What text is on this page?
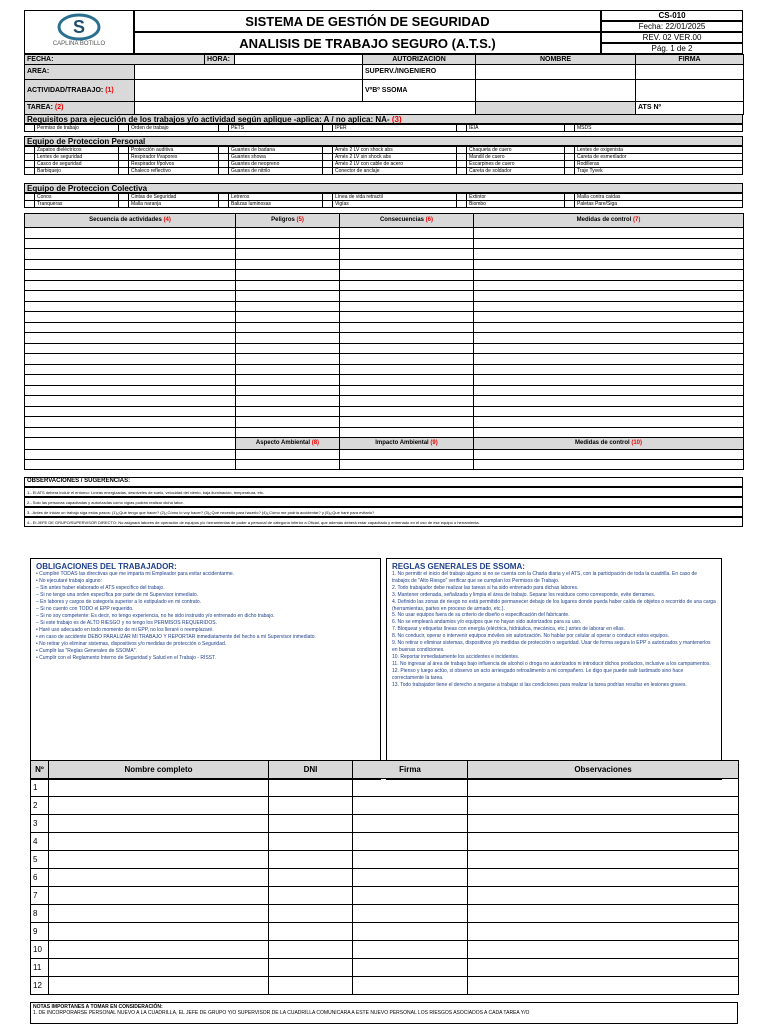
S
CAPLINA BOTILLO
SISTEMA DE GESTIÓN DE SEGURIDAD
ANALISIS DE TRABAJO SEGURO (A.T.S.)
CS-010
Fecha: 22/01/2025
REV. 02 VER.00
Pág. 1 de 2
FECHA:		HORA:		AUTORIZACIÓN	NOMBRE	FIRMA
AREA:				SUPERV./INGENIERO		
ACTIVIDAD/TRABAJO: (1)				VºBº SSOMA		
TAREA: (2)						ATS Nº
Requisitos para ejecución de los trabajos y/o actividad según aplique -aplica: A / no aplica: NA- (3)
	Permiso de trabajo		Orden de trabajo		PETS		IPER		IEIA		MSDS
Equipo de Proteccion Personal
	Zapatos dieléctricos		Protección auditiva		Guantes de badana		Arnés 2 LV con shock abs		Chaqueta de cuero		Lentes de oxigenista
	Lentes de seguridad		Respirador f/vapores		Guantes showa		Arnés 2 LV sin shock abs		Mandil de cuero		Careta de esmerilador
	Casco de seguridad		Respirador f/polvos		Guantes de neopreno		Arnés 2 LV con cable de acero		Escarpines de cuero		Rodilleras
	Barbiquejo		Chaleco reflectivo		Guantes de nitrilo		Conector de anclaje		Careta de soldador		Traje Tyvek
Equipo de Proteccion Colectiva
	Conos		Cintas de Seguridad		Letreros		Línea de vida retractil		Extintor		Malla contra caídas
	Tranqueras		Malla naranja		Balizas luminosas		Vigías		Biombo		Paletas Pare/Siga
Secuencia de actividades (4)	Peligros (5)	Consecuencias (6)	Medidas de control (7)

	Aspecto Ambiental (8)	Impacto Ambiental (9)	Medidas de control (10)

OBSERVACIONES / SUGERENCIAS:
1.- El ATS deberá incluir el entorno: Líneas energizadas, desniveles de suelo, velocidad del viento, baja iluminación, temperatura, etc.
2.- Solo las personas capacitadas y autorizadas como vigías podrán realizar dicha labor.
3.- Antes de iniciar un trabajo siga estos pasos: (1)¿Qué tengo que hacer? (2)¿Cómo lo voy hacer? (3)¿Qué necesito para hacerlo? (4)¿Cómo me podría accidentar? y (5)¿Que haré para evitarlo?
4.- El JEFE DE GRUPO/SUPERVISOR DIRECTO: No asignará labores de operación de equipos y/o herramientas de poder a personal de categoría inferior a Oficial, que además deberá estar capacitado y entrenado en el uso de ese equipo o herramienta.
OBLIGACIONES DEL TRABAJADOR:
• Cumpliré TODAS las directivas que me imparta mi Empleador para evitar accidentarme.
• No ejecutaré trabajo alguno:
– Sin antes haber elaborado el ATS específico del trabajo.
– Si no tengo una orden específica por parte de mi Supervisor inmediato.
– En labores y cargos de categoría superior a lo estipulado en mi contrato.
– Si no cuento con TODO el EPP requerido.
– Si no soy competente: Es decir, no tengo experiencia, no he sido instruido y/o entrenado en dicho trabajo.
– Si este trabajo es de ALTO RIESGO y no tengo los PERMISOS REQUERIDOS.
• Haré uso adecuado en todo momento de mi EPP, no los lleraré o reemplazaré.
• en caso de accidente DEBO PARALIZAR MI TRABAJO Y REPORTAR inmediatamente del hecho a mi Supervisor inmediato.
• No retirar y/o eliminar sistemas, dispositivos y/o medidas de protección o Seguridad.
• Cumplir las "Reglas Generales de SSOMA".
• Cumplir con el Reglamento Interno de Seguridad y Salud en el Trabajo - RISST.
REGLAS GENERALES DE SSOMA:
1. No permitir el inicio del trabajo alguno si no se cuenta con la Charla diaria y el ATS, con la participación de toda la cuadrilla. En caso de trabajos de "Alto Riesgo" verificar que se cumplan los Permisos de Trabajo.
2. Todo trabajador debe realizar las tareas si ha sido entrenado para dichas labores.
3. Mantener ordenada, señalizada y limpia el área de trabajo. Separar los residuos como corresponde, evite derrames.
4. Definido las zonas de riesgo no está permitido permanecer debajo de los lugares donde pueda haber caída de objetos o recorrido de una carga (herramientas, partes en proceso de armado, etc.).
5. No usar equipos fuera de su criterio de diseño o especificación del fabricante.
6. No se emplearà andamios y/o equipos que no hayan sido autorizados para su uso.
7. Bloquear y etiquetar líneas con energía (eléctrica, hidráulica, mecánica, etc.) antes de laborar en ellas.
8. No conducir, operar o intervenir equipos móviles sin autorización. No hablar por celular al operar o conducir estos equipos.
9. No retirar o eliminar sistemas, dispositivos y/o medidas de protección o seguridad. Usar de forma segura lo EPP´s autorizados y mantenerlos en buenas condiciones.
10. Reportar inmediatamente los accidentes e incidentes.
11. No ingresar al área de trabajo bajo influencia de alcohol o droga no autorizados ni introducir dichos productos, inclusive a los campamentos.
12. Pienso y luego actúo, si observo un acto arriesgado retroalimento a mi compañero. Le digo que puede salir lastimado sino hace correctamente la tarea.
13. Todo trabajador tiene el derecho a negarse a trabajar si las condiciones para realizar la tarea podrían resultar en lesiones graves.
Nº	Nombre completo	DNI	Firma	Observaciones
1				
2				
3				
4				
5				
6				
7				
8				
9				
10				
11				
12				
NOTAS IMPORTANES A TOMAR EN CONSIDERACIÓN:
1. DE INCORPORARSE PERSONAL NUEVO A LA CUADRILLA, EL JEFE DE GRUPO Y/O SUPERVISOR DE LA CUADRILLA COMUNICARA A ESTE NUEVO PERSONAL LOS RIESGOS ASOCIADOS A CADA TAREA Y/O
